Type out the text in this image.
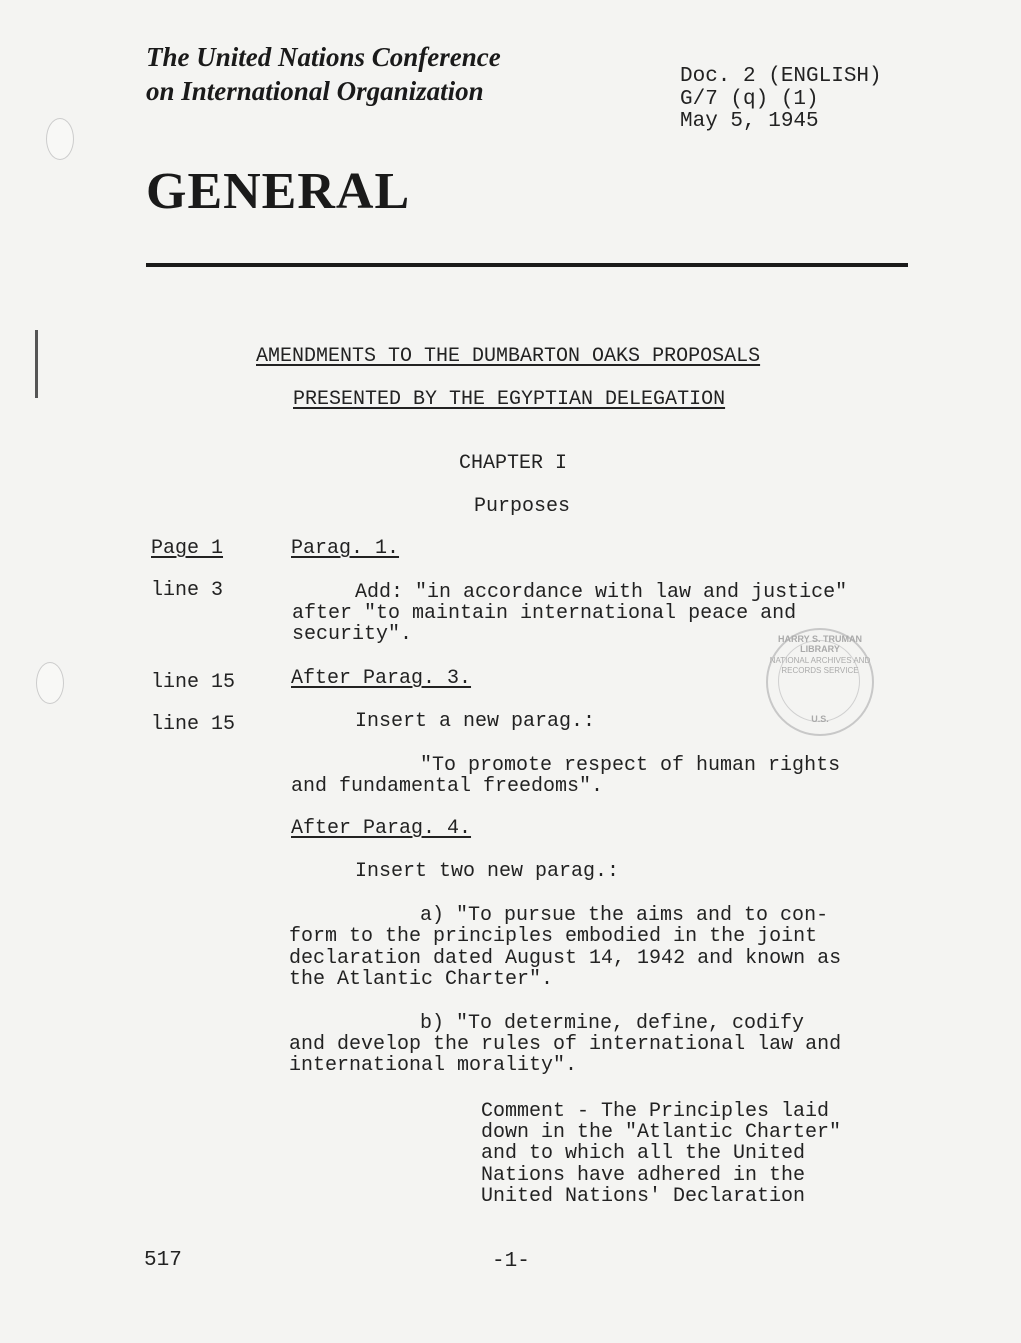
The United Nations Conference
on International Organization	Doc. 2 (ENGLISH)
G/7 (q) (1)
May 5, 1945
GENERAL
AMENDMENTS TO THE DUMBARTON OAKS PROPOSALS
PRESENTED BY THE EGYPTIAN DELEGATION
CHAPTER I
Purposes
Page 1	Parag. 1.
line 3	Add: "in accordance with law and justice"
after "to maintain international peace and
security".
line 15	After Parag. 3.
line 15	Insert a new parag.:
"To promote respect of human rights
and fundamental freedoms".
After Parag. 4.
Insert two new parag.:
a) "To pursue the aims and to con-
form to the principles embodied in the joint
declaration dated August 14, 1942 and known as
the Atlantic Charter".
b) "To determine, define, codify
and develop the rules of international law and
international morality".
Comment - The Principles laid
down in the "Atlantic Charter"
and to which all the United
Nations have adhered in the
United Nations' Declaration
517	-1-
HARRY S. TRUMAN LIBRARY
NATIONAL ARCHIVES AND RECORDS SERVICE
U.S.
